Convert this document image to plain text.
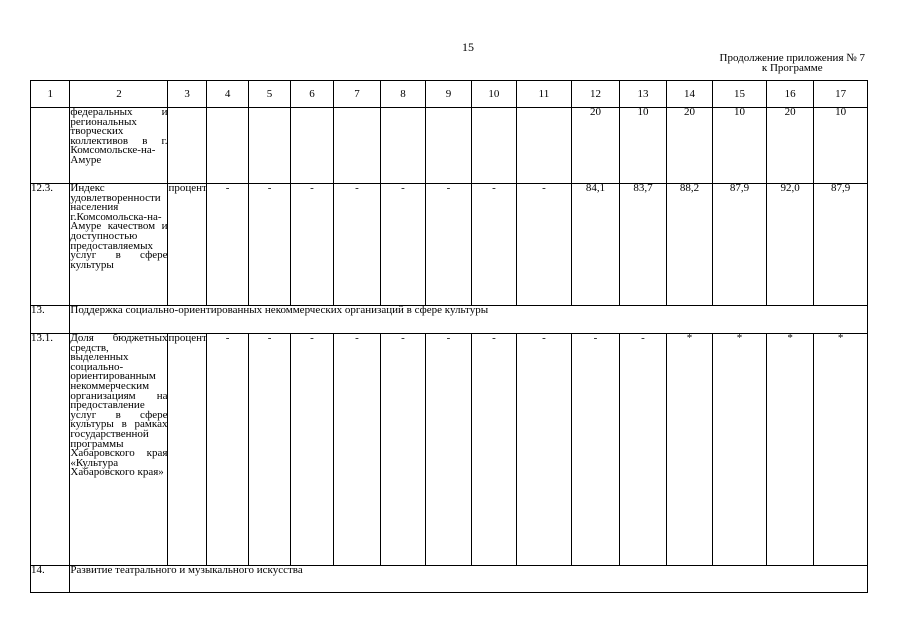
15
Продолжение приложения № 7
к Программе
1	2	3	4	5	6	7	8	9	10	11	12	13	14	15	16	17
	федеральных и региональных творческих коллективов в г. Комсомольске-на-Амуре										20	10	20	10	20	10
12.3.	Индекс удовлетворенности населения г.Комсомольска-на-Амуре качеством и доступностью предоставляемых услуг в сфере культуры	процент	-	-	-	-	-	-	-	-	84,1	83,7	88,2	87,9	92,0	87,9
13.	Поддержка социально-ориентированных некоммерческих организаций в сфере культуры															
13.1.	Доля бюджетных средств, выделенных социально-ориентированным некоммерческим организациям на предоставление услуг в сфере культуры в рамках государственной программы Хабаровского края «Культура Хабаровского края»	процент	-	-	-	-	-	-	-	-	-	-	*	*	*	*
14.	Развитие театрального и музыкального искусства															
